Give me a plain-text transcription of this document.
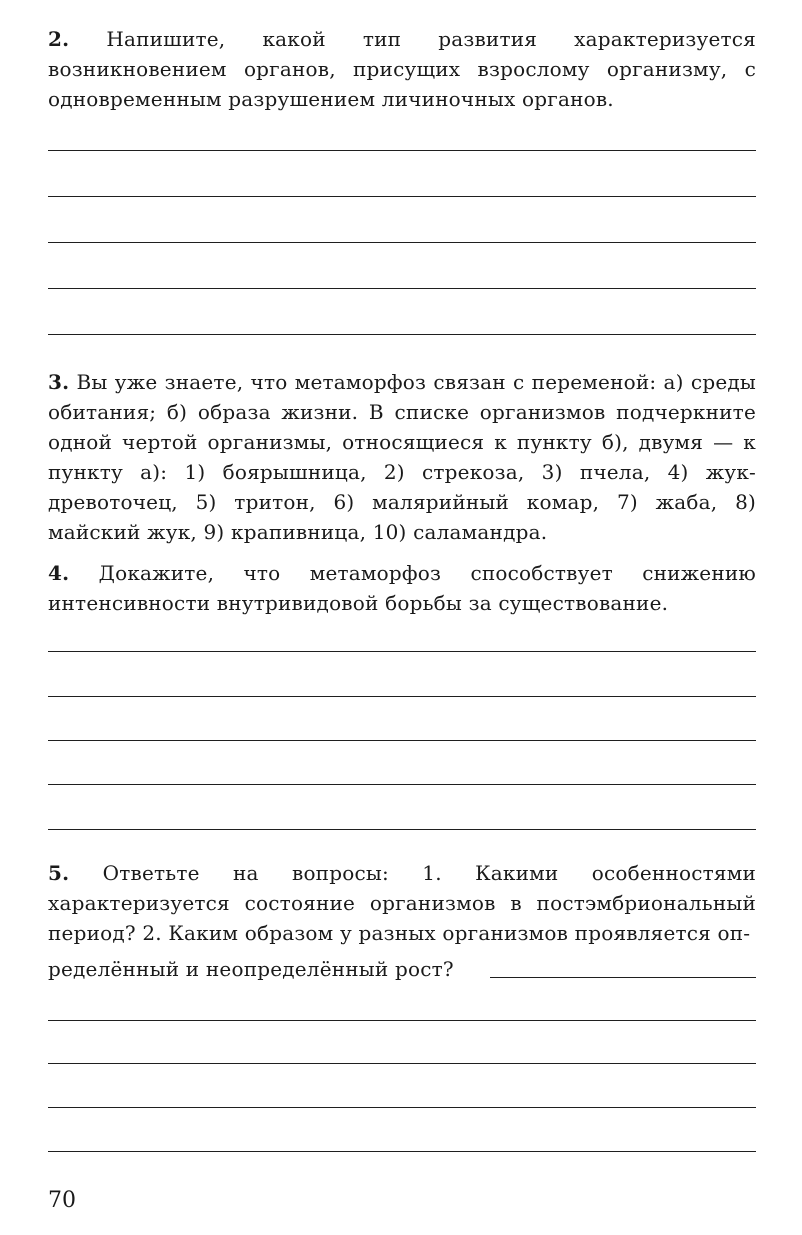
2. Напишите, какой тип развития характеризуется возникновением органов, присущих взрослому организму, с одновременным разрушением личиночных органов.

3. Вы уже знаете, что метаморфоз связан с переменой: а) среды обитания; б) образа жизни. В списке организмов подчеркните одной чертой организмы, относящиеся к пункту б), двумя — к пункту а): 1) боярышница, 2) стрекоза, 3) пчела, 4) жук-древоточец, 5) тритон, 6) малярийный комар, 7) жаба, 8) майский жук, 9) крапивница, 10) саламандра.

4. Докажите, что метаморфоз способствует снижению интенсивности внутривидовой борьбы за существование.

5. Ответьте на вопросы: 1. Какими особенностями характеризуется состояние организмов в постэмбриональный период? 2. Каким образом у разных организмов проявляется оп-

ределённый и неопределённый рост?
70
